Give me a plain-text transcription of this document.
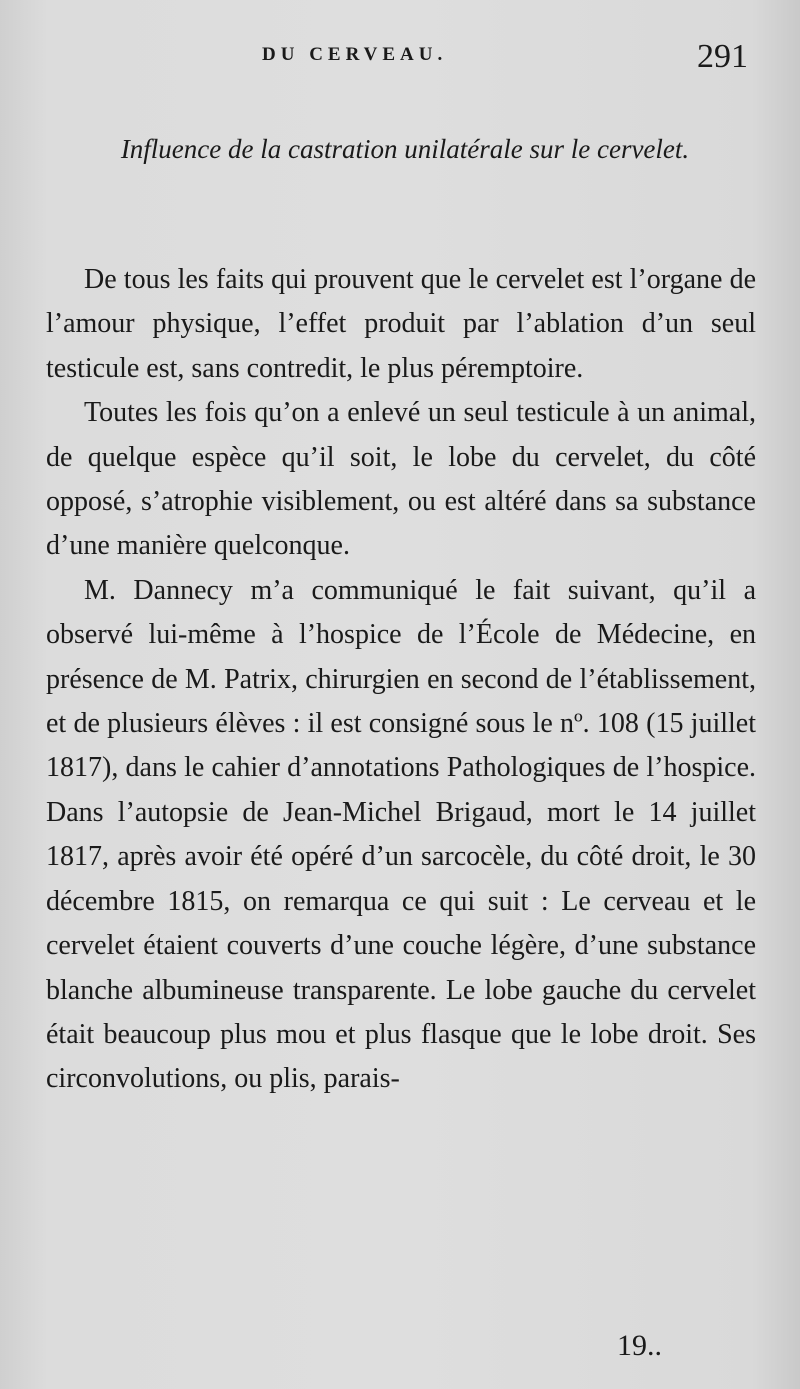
DU CERVEAU.	291
Influence de la castration unilatérale sur le cervelet.

De tous les faits qui prouvent que le cervelet est l’organe de l’amour physique, l’effet produit par l’ablation d’un seul testicule est, sans contredit, le plus péremptoire.

Toutes les fois qu’on a enlevé un seul testicule à un animal, de quelque espèce qu’il soit, le lobe du cervelet, du côté opposé, s’atrophie visiblement, ou est altéré dans sa substance d’une manière quelconque.

M. Dannecy m’a communiqué le fait suivant, qu’il a observé lui-même à l’hospice de l’École de Médecine, en présence de M. Patrix, chirurgien en second de l’établissement, et de plusieurs élèves : il est consigné sous le nº. 108 (15 juillet 1817), dans le cahier d’annotations Pathologiques de l’hospice. Dans l’autopsie de Jean-Michel Brigaud, mort le 14 juillet 1817, après avoir été opéré d’un sarcocèle, du côté droit, le 30 décembre 1815, on remarqua ce qui suit : Le cerveau et le cervelet étaient couverts d’une couche légère, d’une substance blanche albumineuse transparente. Le lobe gauche du cervelet était beaucoup plus mou et plus flasque que le lobe droit. Ses circonvolutions, ou plis, parais-

19..
